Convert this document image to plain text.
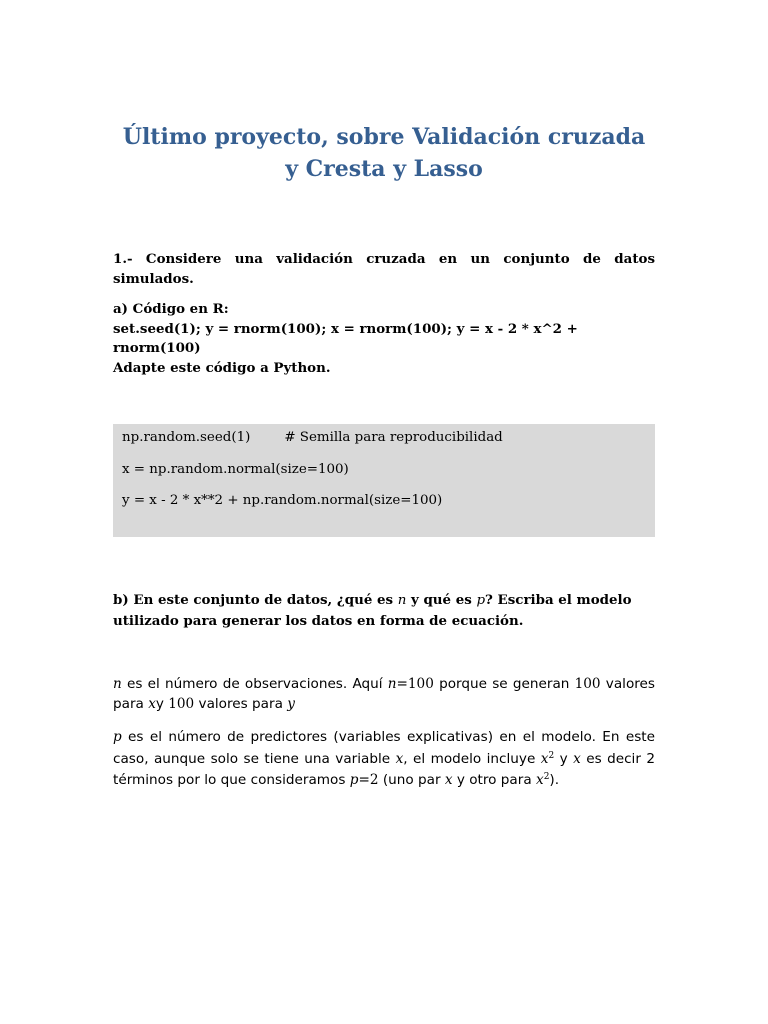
Último proyecto, sobre Validación cruzada
y Cresta y Lasso

1.- Considere una validación cruzada en un conjunto de datos simulados.

a) Código en R:
set.seed(1); y = rnorm(100); x = rnorm(100); y = x - 2 * x^2 + rnorm(100)
Adapte este código a Python.

np.random.seed(1)	# Semilla para reproducibilidad

x = np.random.normal(size=100)

y = x - 2 * x**2 + np.random.normal(size=100)

b) En este conjunto de datos, ¿qué es n y qué es p? Escriba el modelo utilizado para generar los datos en forma de ecuación.

n es el número de observaciones. Aquí n=100 porque se generan 100 valores para xy 100 valores para y

p es el número de predictores (variables explicativas) en el modelo. En este caso, aunque solo se tiene una variable x, el modelo incluye $x^2$ y x es decir 2 términos por lo que consideramos p=2 (uno par x y otro para $x^2$).
